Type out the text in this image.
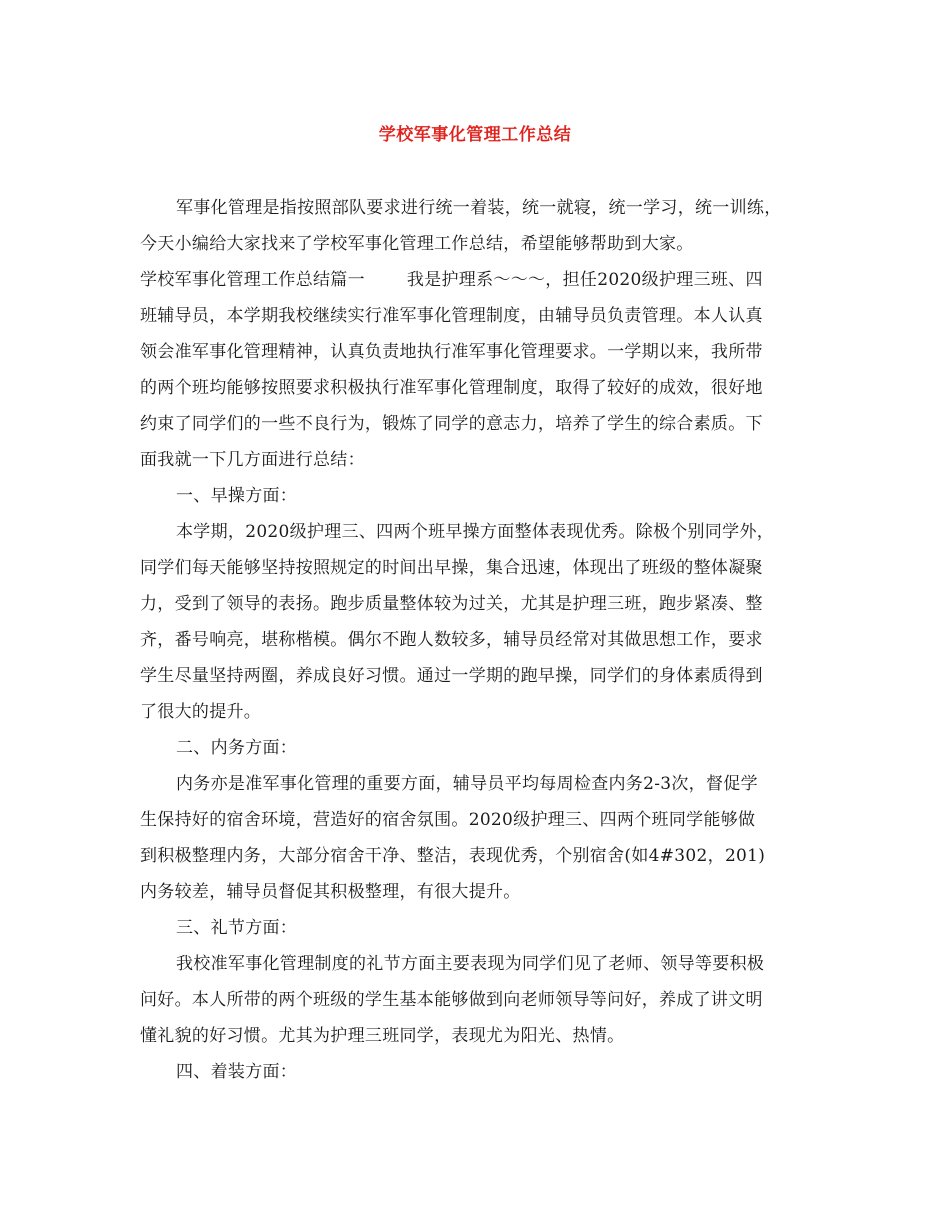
学校军事化管理工作总结
军事化管理是指按照部队要求进行统一着装，统一就寝，统一学习，统一训练，
今天小编给大家找来了学校军事化管理工作总结，希望能够帮助到大家。
学校军事化管理工作总结篇一 我是护理系～～～，担任2020级护理三班、四
班辅导员，本学期我校继续实行准军事化管理制度，由辅导员负责管理。本人认真
领会准军事化管理精神，认真负责地执行准军事化管理要求。一学期以来，我所带
的两个班均能够按照要求积极执行准军事化管理制度，取得了较好的成效，很好地
约束了同学们的一些不良行为，锻炼了同学的意志力，培养了学生的综合素质。下
面我就一下几方面进行总结：
一、早操方面：
本学期，2020级护理三、四两个班早操方面整体表现优秀。除极个别同学外，
同学们每天能够坚持按照规定的时间出早操，集合迅速，体现出了班级的整体凝聚
力，受到了领导的表扬。跑步质量整体较为过关，尤其是护理三班，跑步紧凑、整
齐，番号响亮，堪称楷模。偶尔不跑人数较多，辅导员经常对其做思想工作，要求
学生尽量坚持两圈，养成良好习惯。通过一学期的跑早操，同学们的身体素质得到
了很大的提升。
二、内务方面：
内务亦是准军事化管理的重要方面，辅导员平均每周检查内务2-3次，督促学
生保持好的宿舍环境，营造好的宿舍氛围。2020级护理三、四两个班同学能够做
到积极整理内务，大部分宿舍干净、整洁，表现优秀，个别宿舍(如4#302，201)
内务较差，辅导员督促其积极整理，有很大提升。
三、礼节方面：
我校准军事化管理制度的礼节方面主要表现为同学们见了老师、领导等要积极
问好。本人所带的两个班级的学生基本能够做到向老师领导等问好，养成了讲文明
懂礼貌的好习惯。尤其为护理三班同学，表现尤为阳光、热情。
四、着装方面：
